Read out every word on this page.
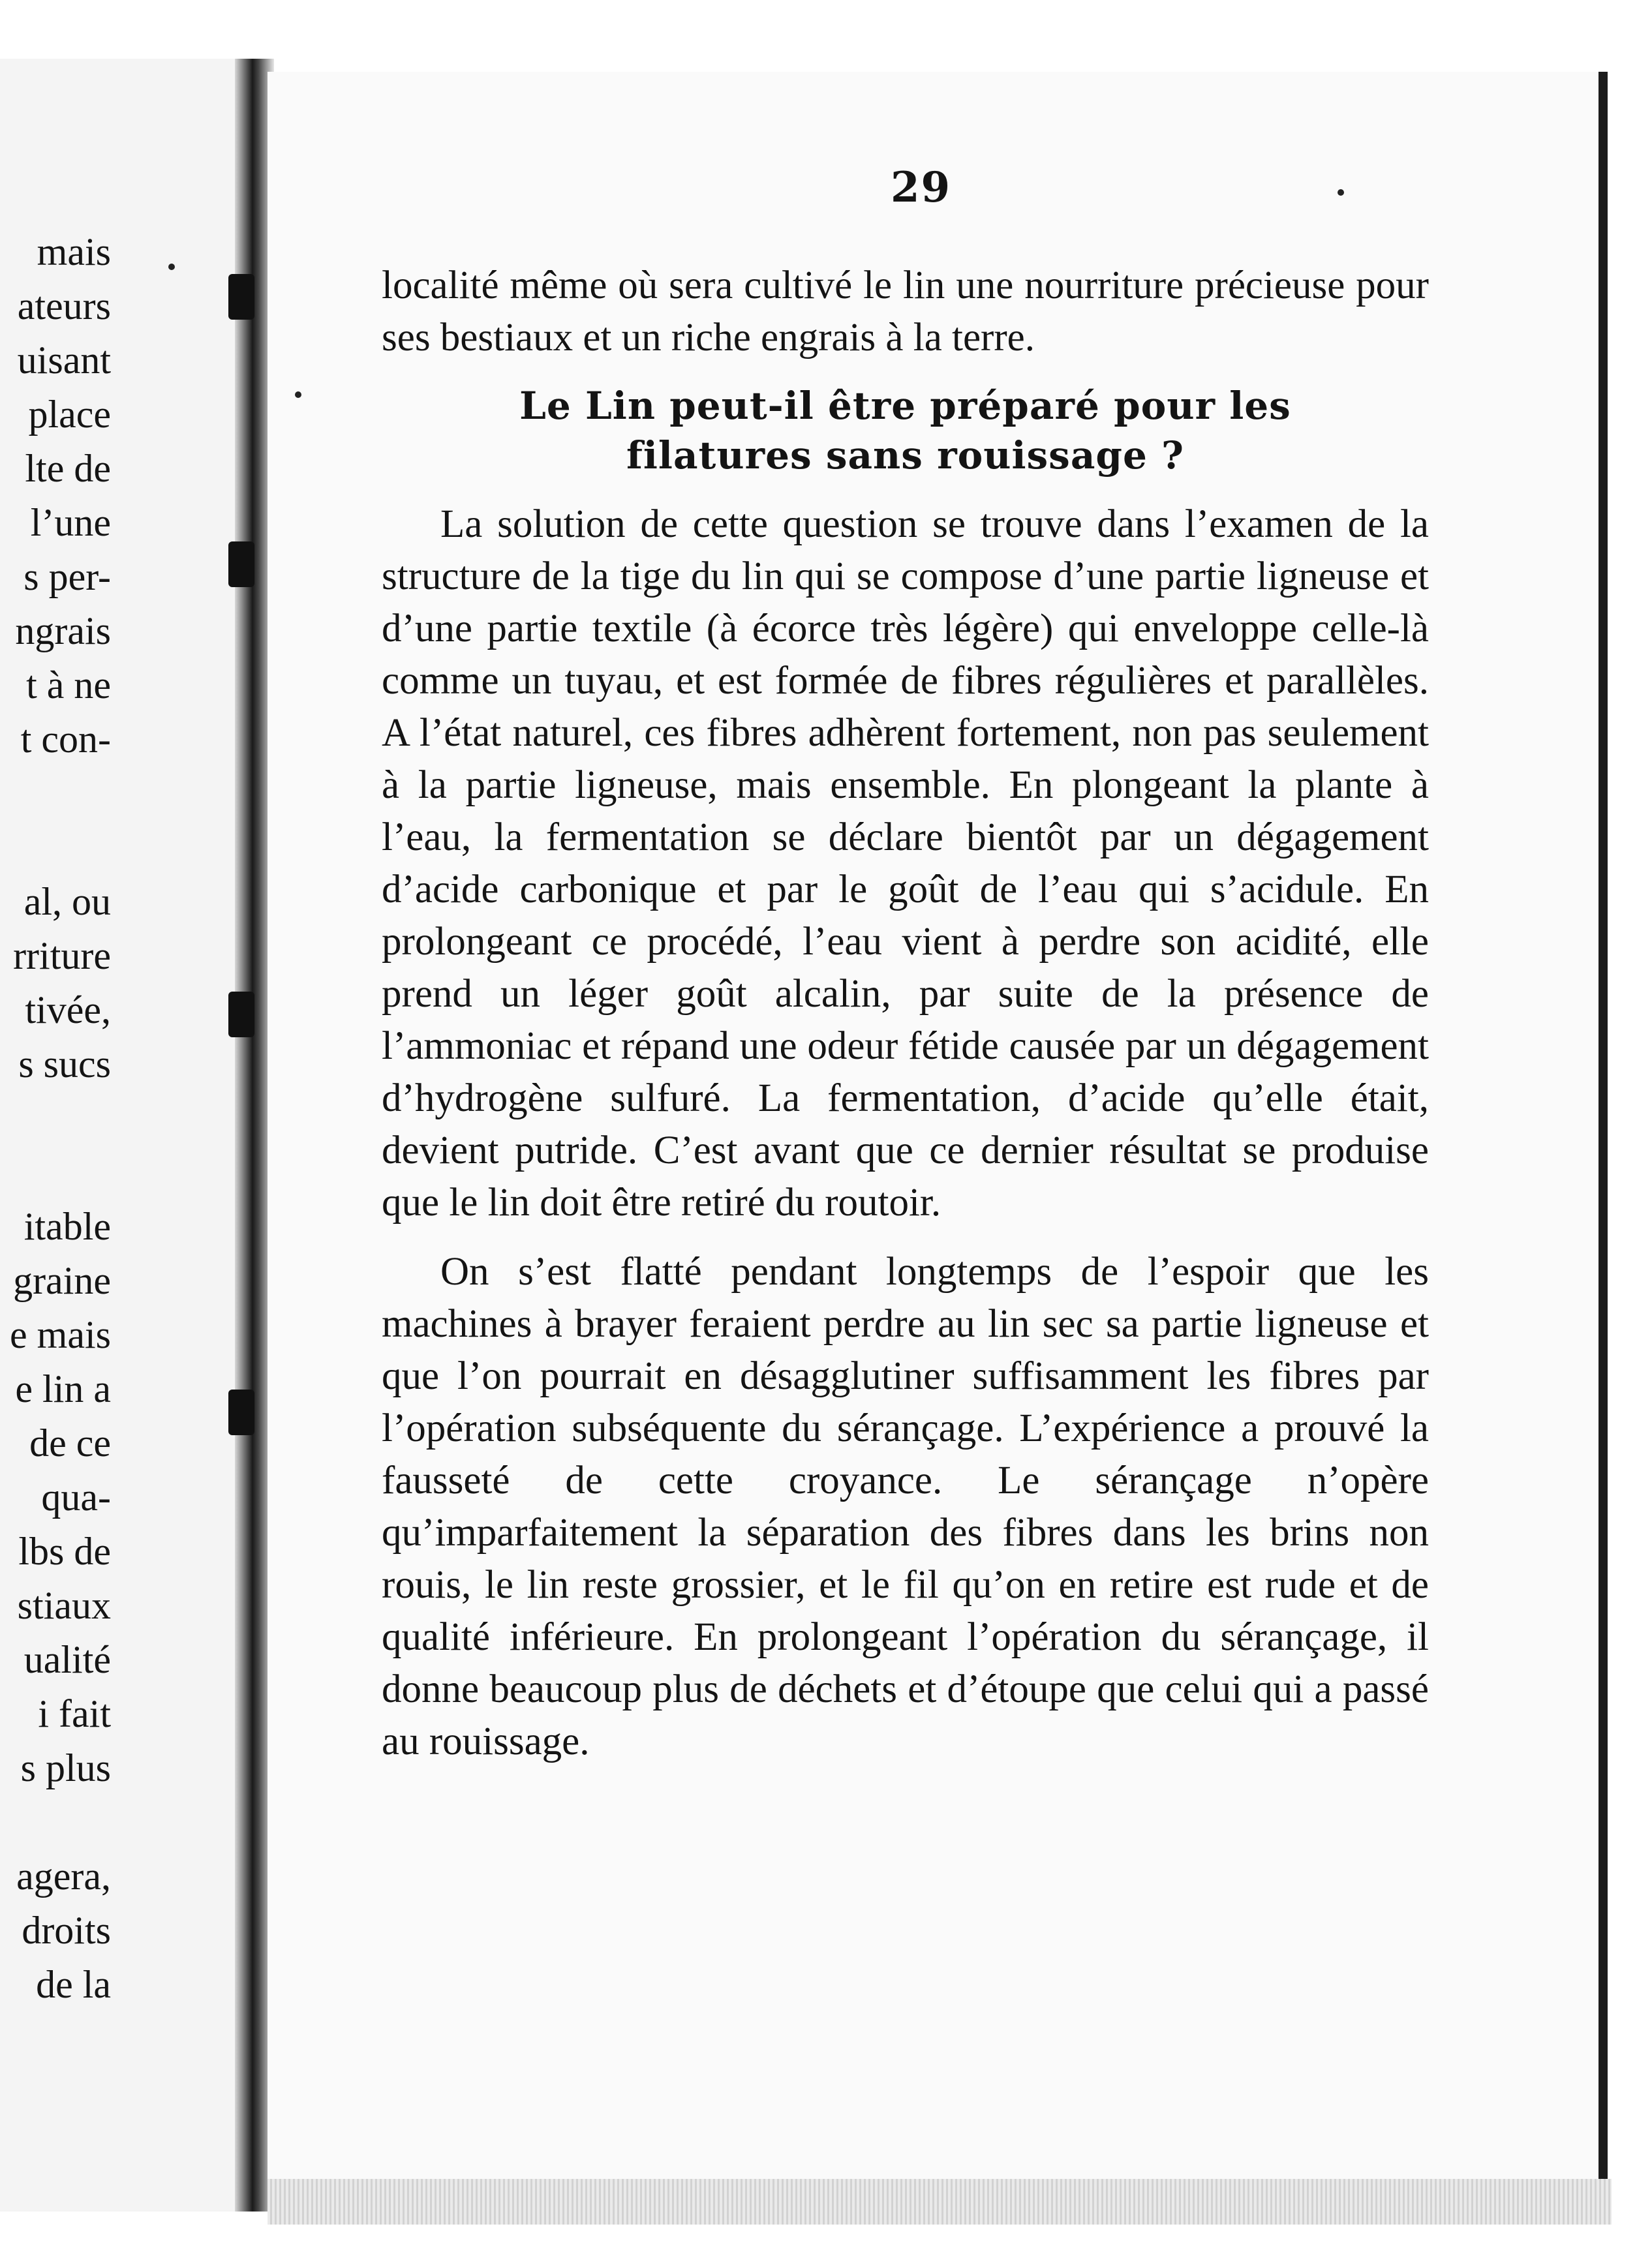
mais
ateurs
uisant
place
lte de
l’une
s per-
ngrais
t à ne
t con-
al, ou
rriture
tivée,
s sucs
itable
graine
e mais
e lin a
de ce
qua-
lbs de
stiaux
ualité
i fait
s plus
agera,
droits
de la
29

localité même où sera cultivé le lin une nourriture précieuse pour ses bestiaux et un riche engrais à la terre.

Le Lin peut-il être préparé pour les
filatures sans rouissage ?

La solution de cette question se trouve dans l’examen de la structure de la tige du lin qui se compose d’une partie ligneuse et d’une partie textile (à écorce très légère) qui enveloppe celle-là comme un tuyau, et est formée de fibres régulières et parallèles. A l’état naturel, ces fibres adhèrent fortement, non pas seulement à la partie ligneuse, mais ensemble. En plongeant la plante à l’eau, la fermentation se déclare bientôt par un dégagement d’acide carbonique et par le goût de l’eau qui s’acidule. En prolongeant ce procédé, l’eau vient à perdre son acidité, elle prend un léger goût alcalin, par suite de la présence de l’ammoniac et répand une odeur fétide causée par un dégagement d’hydrogène sulfuré. La fermentation, d’acide qu’elle était, devient putride. C’est avant que ce dernier résultat se produise que le lin doit être retiré du routoir.

On s’est flatté pendant longtemps de l’espoir que les machines à brayer feraient perdre au lin sec sa partie ligneuse et que l’on pourrait en désagglutiner suffisamment les fibres par l’opération subséquente du sérançage. L’expérience a prouvé la fausseté de cette croyance. Le sérançage n’opère qu’imparfaitement la séparation des fibres dans les brins non rouis, le lin reste grossier, et le fil qu’on en retire est rude et de qualité inférieure. En prolongeant l’opération du sérançage, il donne beaucoup plus de déchets et d’étoupe que celui qui a passé au rouissage.
